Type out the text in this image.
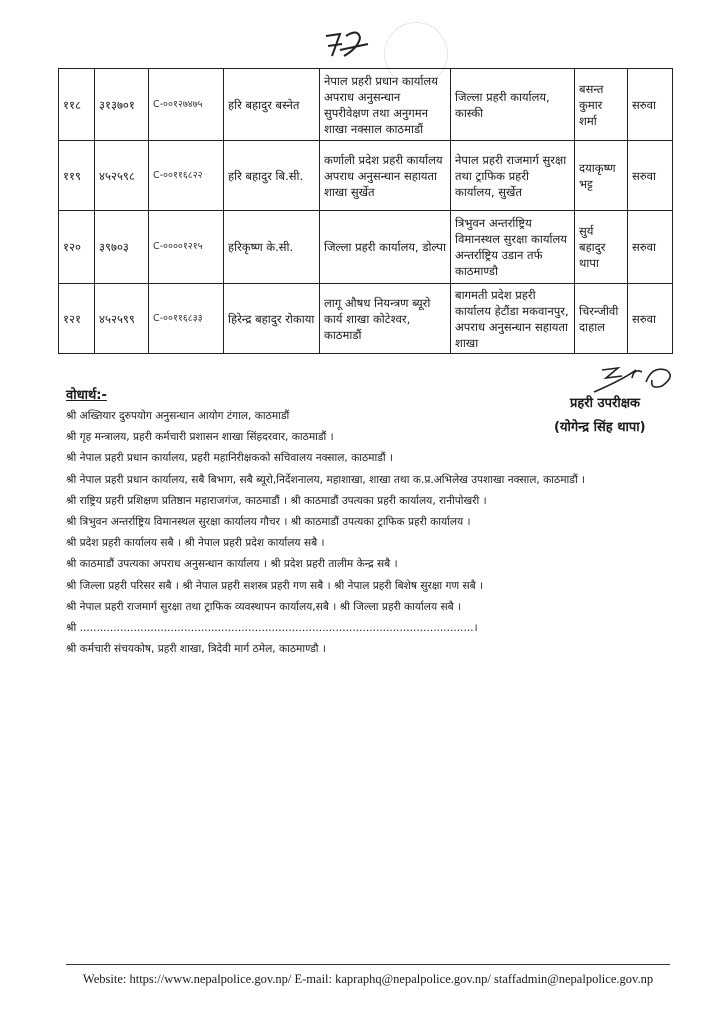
११८	३१३७०१	C-००१२७४७५	हरि बहादुर बस्नेत	नेपाल प्रहरी प्रधान कार्यालय अपराध अनुसन्धान सुपरीवेक्षण तथा अनुगमन शाखा नक्साल काठमाडौं	जिल्ला प्रहरी कार्यालय, कास्की	बसन्त कुमार शर्मा	सरुवा
११९	४५२५९८	C-००११६८२२	हरि बहादुर बि.सी.	कर्णाली प्रदेश प्रहरी कार्यालय अपराध अनुसन्धान सहायता शाखा सुर्खेत	नेपाल प्रहरी राजमार्ग सुरक्षा तथा ट्राफिक प्रहरी कार्यालय, सुर्खेत	दयाकृष्ण भट्ट	सरुवा
१२०	३९७०३	C-००००१२१५	हरिकृष्ण के.सी.	जिल्ला प्रहरी कार्यालय, डोल्पा	त्रिभुवन अन्तर्राष्ट्रिय विमानस्थल सुरक्षा कार्यालय अन्तर्राष्ट्रिय उडान तर्फ काठमाण्डौ	सुर्य बहादुर थापा	सरुवा
१२१	४५२५९९	C-००११६८३३	हिरेन्द्र बहादुर रोकाया	लागू औषध नियन्त्रण ब्यूरो कार्य शाखा कोटेश्वर, काठमाडौं	बागमती प्रदेश प्रहरी कार्यालय हेटौंडा मकवानपुर, अपराध अनुसन्धान सहायता शाखा	चिरन्जीवी दाहाल	सरुवा
प्रहरी उपरीक्षक
(योगेन्द्र सिंह थापा)
वोधार्थ:-
श्री अख्तियार दुरुपयोग अनुसन्धान आयोग टंगाल, काठमाडौं
श्री गृह मन्त्रालय, प्रहरी कर्मचारी प्रशासन शाखा सिंहदरवार, काठमाडौं ।
श्री नेपाल प्रहरी प्रधान कार्यालय, प्रहरी महानिरीक्षकको सचिवालय नक्साल, काठमाडौं ।
श्री नेपाल प्रहरी प्रधान कार्यालय, सबै बिभाग, सबै ब्यूरो,निर्देशनालय, महाशाखा, शाखा तथा क.प्र.अभिलेख उपशाखा नक्साल, काठमाडौं ।
श्री राष्ट्रिय प्रहरी प्रशिक्षण प्रतिष्ठान महाराजगंज, काठमाडौं । श्री काठमाडौं उपत्यका प्रहरी कार्यालय, रानीपोखरी ।
श्री त्रिभुवन अन्तर्राष्ट्रिय विमानस्थल सुरक्षा कार्यालय गौचर । श्री काठमाडौं उपत्यका ट्राफिक प्रहरी कार्यालय ।
श्री प्रदेश प्रहरी कार्यालय सबै । श्री नेपाल प्रहरी प्रदेश कार्यालय सबै ।
श्री काठमाडौं उपत्यका अपराध अनुसन्धान कार्यालय । श्री प्रदेश प्रहरी तालीम केन्द्र सबै ।
श्री जिल्ला प्रहरी परिसर सबै । श्री नेपाल प्रहरी सशस्त्र प्रहरी गण सबै । श्री नेपाल प्रहरी बिशेष सुरक्षा गण सबै ।
श्री नेपाल प्रहरी राजमार्ग सुरक्षा तथा ट्राफिक व्यवस्थापन कार्यालय,सबै । श्री जिल्ला प्रहरी कार्यालय सबै ।
श्री .....................................................................................................................।
श्री कर्मचारी संचयकोष, प्रहरी शाखा, त्रिदेवी मार्ग ठमेल, काठमाण्डौ ।
Website: https://www.nepalpolice.gov.np/ E-mail: kapraphq@nepalpolice.gov.np/ staffadmin@nepalpolice.gov.np
